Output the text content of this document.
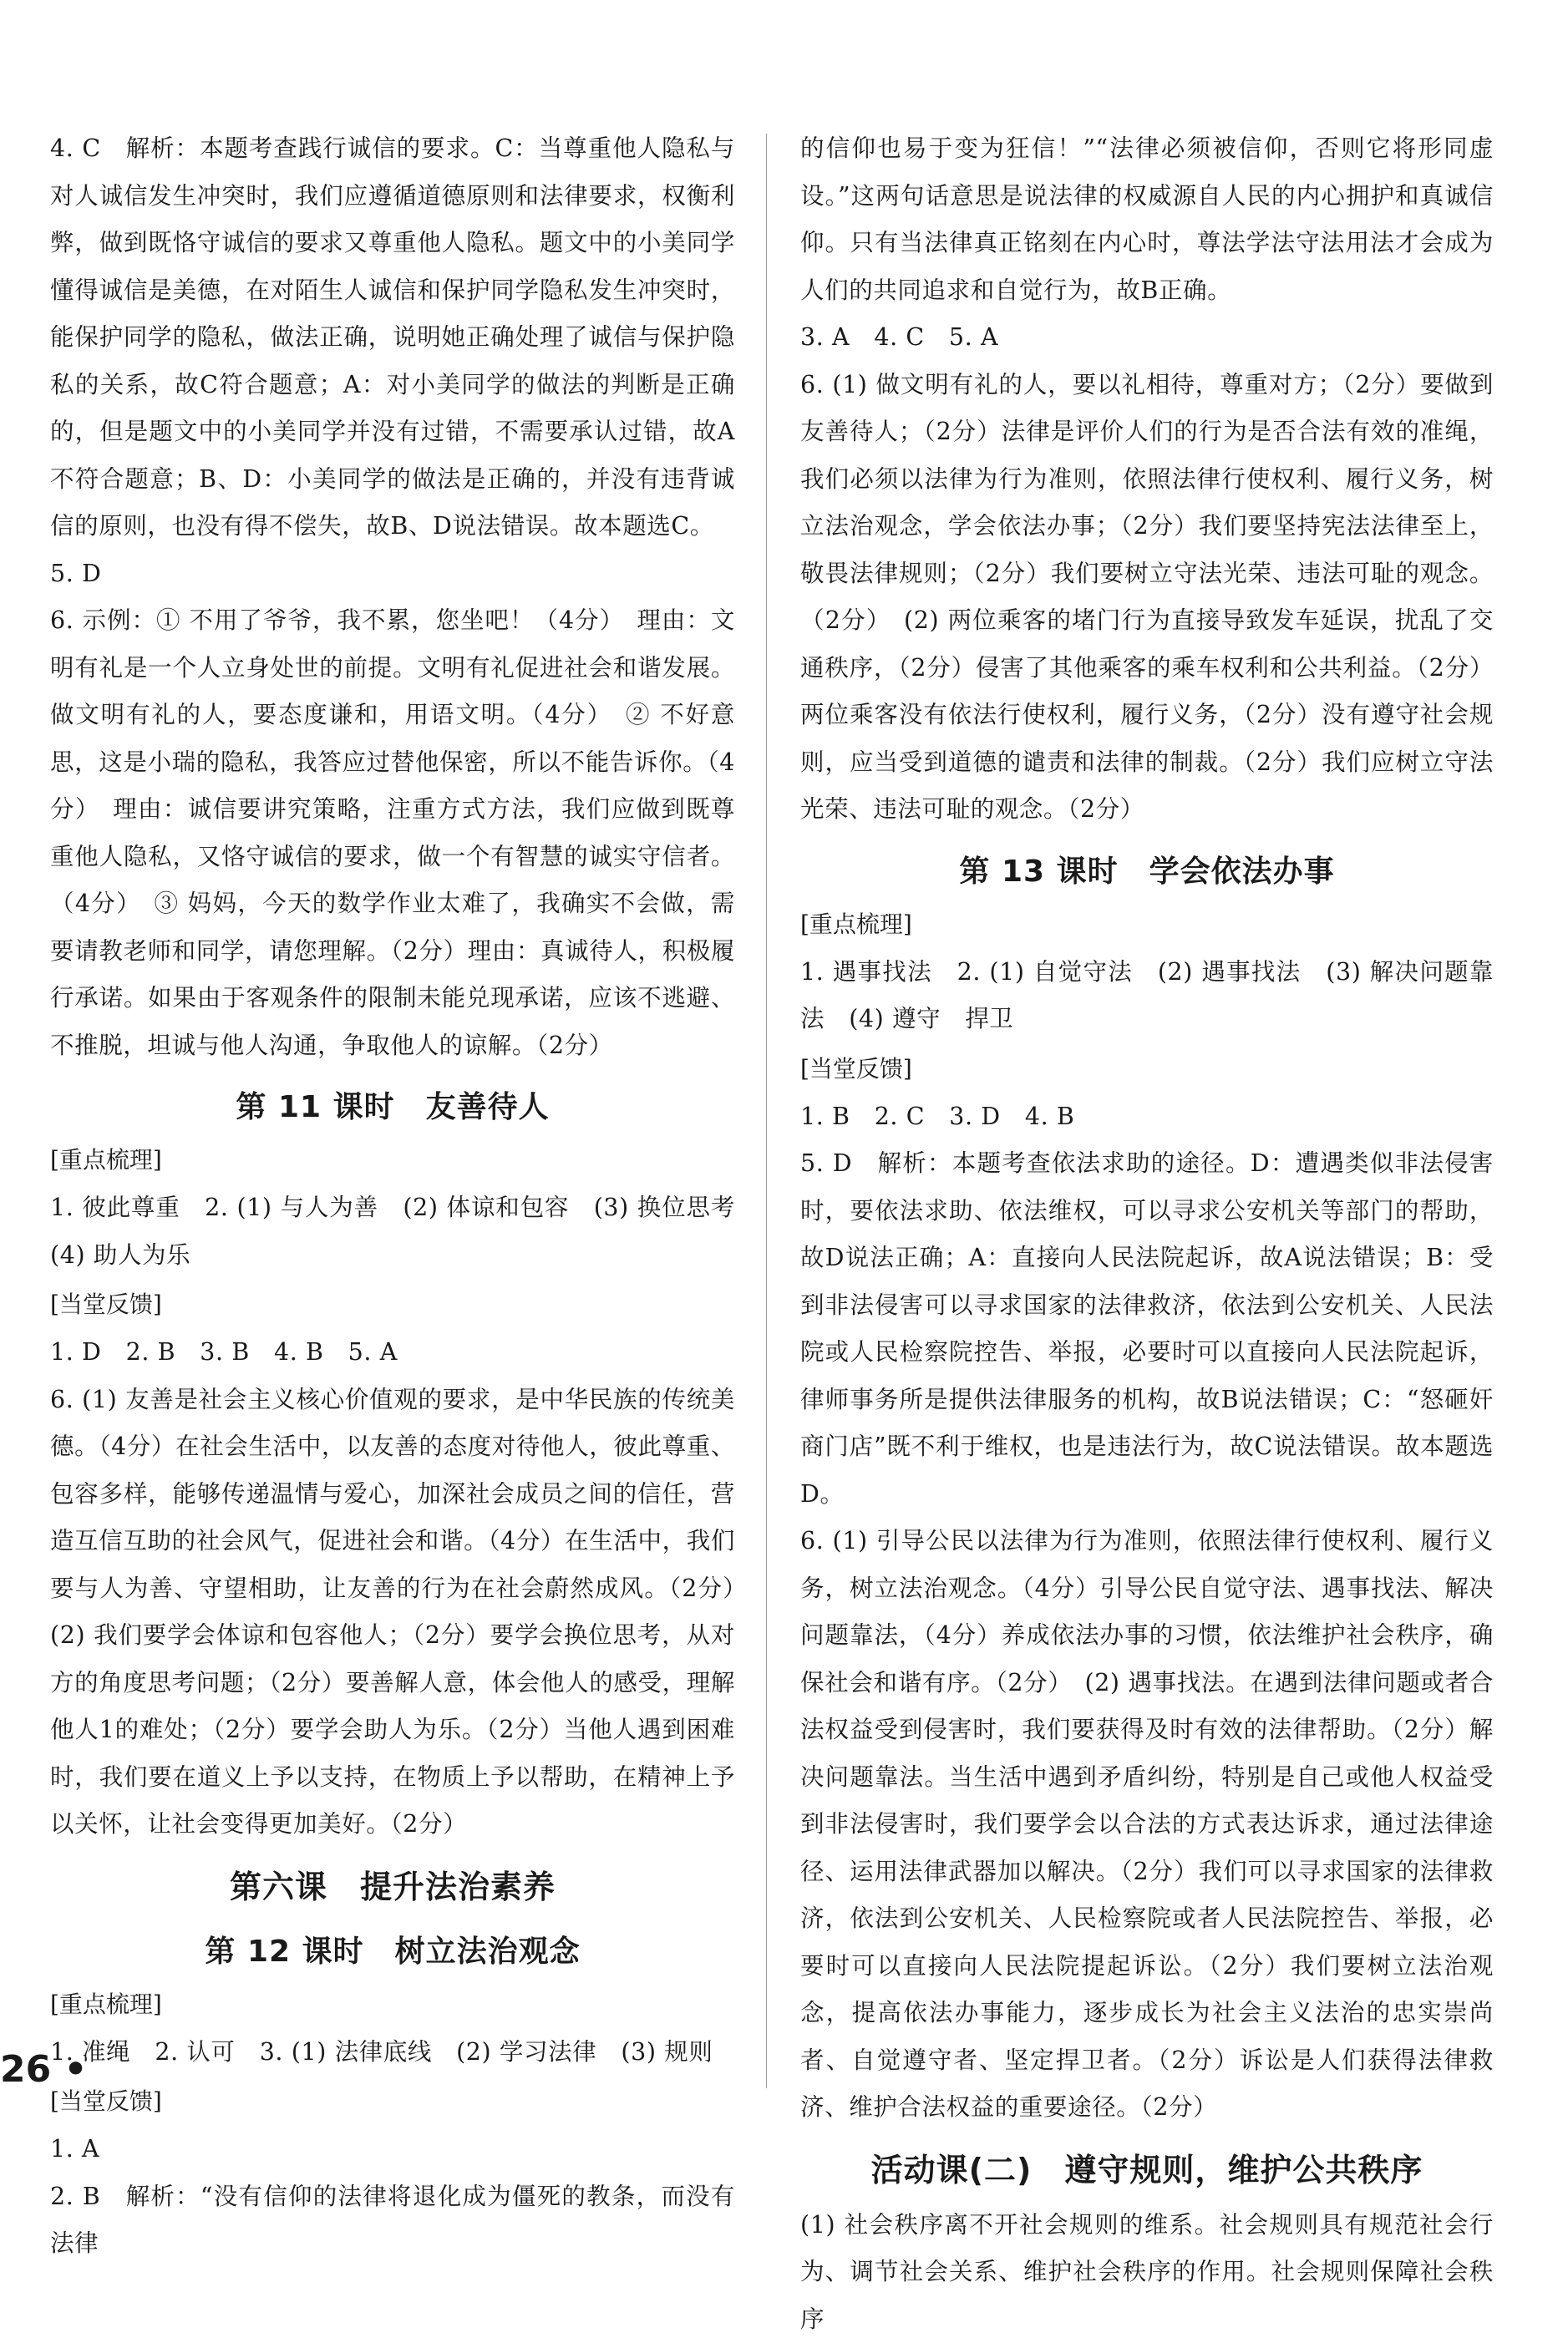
4. C　解析：本题考查践行诚信的要求。C：当尊重他人隐私与对人诚信发生冲突时，我们应遵循道德原则和法律要求，权衡利弊，做到既恪守诚信的要求又尊重他人隐私。题文中的小美同学懂得诚信是美德，在对陌生人诚信和保护同学隐私发生冲突时，能保护同学的隐私，做法正确，说明她正确处理了诚信与保护隐私的关系，故C符合题意；A：对小美同学的做法的判断是正确的，但是题文中的小美同学并没有过错，不需要承认过错，故A不符合题意；B、D：小美同学的做法是正确的，并没有违背诚信的原则，也没有得不偿失，故B、D说法错误。故本题选C。

5. D

6. 示例：① 不用了爷爷，我不累，您坐吧！（4分）　理由：文明有礼是一个人立身处世的前提。文明有礼促进社会和谐发展。做文明有礼的人，要态度谦和，用语文明。（4分）　② 不好意思，这是小瑞的隐私，我答应过替他保密，所以不能告诉你。（4分）　理由：诚信要讲究策略，注重方式方法，我们应做到既尊重他人隐私，又恪守诚信的要求，做一个有智慧的诚实守信者。（4分）　③ 妈妈，今天的数学作业太难了，我确实不会做，需要请教老师和同学，请您理解。（2分）理由：真诚待人，积极履行承诺。如果由于客观条件的限制未能兑现承诺，应该不逃避、不推脱，坦诚与他人沟通，争取他人的谅解。（2分）

第 11 课时　友善待人
[重点梳理]

1. 彼此尊重　2. (1) 与人为善　(2) 体谅和包容　(3) 换位思考　(4) 助人为乐

[当堂反馈]

1. D　2. B　3. B　4. B　5. A

6. (1) 友善是社会主义核心价值观的要求，是中华民族的传统美德。（4分）在社会生活中，以友善的态度对待他人，彼此尊重、包容多样，能够传递温情与爱心，加深社会成员之间的信任，营造互信互助的社会风气，促进社会和谐。（4分）在生活中，我们要与人为善、守望相助，让友善的行为在社会蔚然成风。（2分）　(2) 我们要学会体谅和包容他人；（2分）要学会换位思考，从对方的角度思考问题；（2分）要善解人意，体会他人的感受，理解他人1的难处；（2分）要学会助人为乐。（2分）当他人遇到困难时，我们要在道义上予以支持，在物质上予以帮助，在精神上予以关怀，让社会变得更加美好。（2分）

第六课　提升法治素养
第 12 课时　树立法治观念
[重点梳理]

1. 准绳　2. 认可　3. (1) 法律底线　(2) 学习法律　(3) 规则

[当堂反馈]

1. A

2. B　解析：“没有信仰的法律将退化成为僵死的教条，而没有法律

的信仰也易于变为狂信！”“法律必须被信仰，否则它将形同虚设。”这两句话意思是说法律的权威源自人民的内心拥护和真诚信仰。只有当法律真正铭刻在内心时，尊法学法守法用法才会成为人们的共同追求和自觉行为，故B正确。

3. A　4. C　5. A

6. (1) 做文明有礼的人，要以礼相待，尊重对方；（2分）要做到友善待人；（2分）法律是评价人们的行为是否合法有效的准绳，我们必须以法律为行为准则，依照法律行使权利、履行义务，树立法治观念，学会依法办事；（2分）我们要坚持宪法法律至上，敬畏法律规则；（2分）我们要树立守法光荣、违法可耻的观念。（2分）　(2) 两位乘客的堵门行为直接导致发车延误，扰乱了交通秩序，（2分）侵害了其他乘客的乘车权利和公共利益。（2分）两位乘客没有依法行使权利，履行义务，（2分）没有遵守社会规则，应当受到道德的谴责和法律的制裁。（2分）我们应树立守法光荣、违法可耻的观念。（2分）

第 13 课时　学会依法办事
[重点梳理]

1. 遇事找法　2. (1) 自觉守法　(2) 遇事找法　(3) 解决问题靠法　(4) 遵守　捍卫

[当堂反馈]

1. B　2. C　3. D　4. B

5. D　解析：本题考查依法求助的途径。D：遭遇类似非法侵害时，要依法求助、依法维权，可以寻求公安机关等部门的帮助，故D说法正确；A：直接向人民法院起诉，故A说法错误；B：受到非法侵害可以寻求国家的法律救济，依法到公安机关、人民法院或人民检察院控告、举报，必要时可以直接向人民法院起诉，律师事务所是提供法律服务的机构，故B说法错误；C：“怒砸奸商门店”既不利于维权，也是违法行为，故C说法错误。故本题选D。

6. (1) 引导公民以法律为行为准则，依照法律行使权利、履行义务，树立法治观念。（4分）引导公民自觉守法、遇事找法、解决问题靠法，（4分）养成依法办事的习惯，依法维护社会秩序，确保社会和谐有序。（2分）　(2) 遇事找法。在遇到法律问题或者合法权益受到侵害时，我们要获得及时有效的法律帮助。（2分）解决问题靠法。当生活中遇到矛盾纠纷，特别是自己或他人权益受到非法侵害时，我们要学会以合法的方式表达诉求，通过法律途径、运用法律武器加以解决。（2分）我们可以寻求国家的法律救济，依法到公安机关、人民检察院或者人民法院控告、举报，必要时可以直接向人民法院提起诉讼。（2分）我们要树立法治观念，提高依法办事能力，逐步成长为社会主义法治的忠实崇尚者、自觉遵守者、坚定捍卫者。（2分）诉讼是人们获得法律救济、维护合法权益的重要途径。（2分）

活动课(二)　遵守规则，维护公共秩序

(1) 社会秩序离不开社会规则的维系。社会规则具有规范社会行为、调节社会关系、维护社会秩序的作用。社会规则保障社会秩序

26 •
